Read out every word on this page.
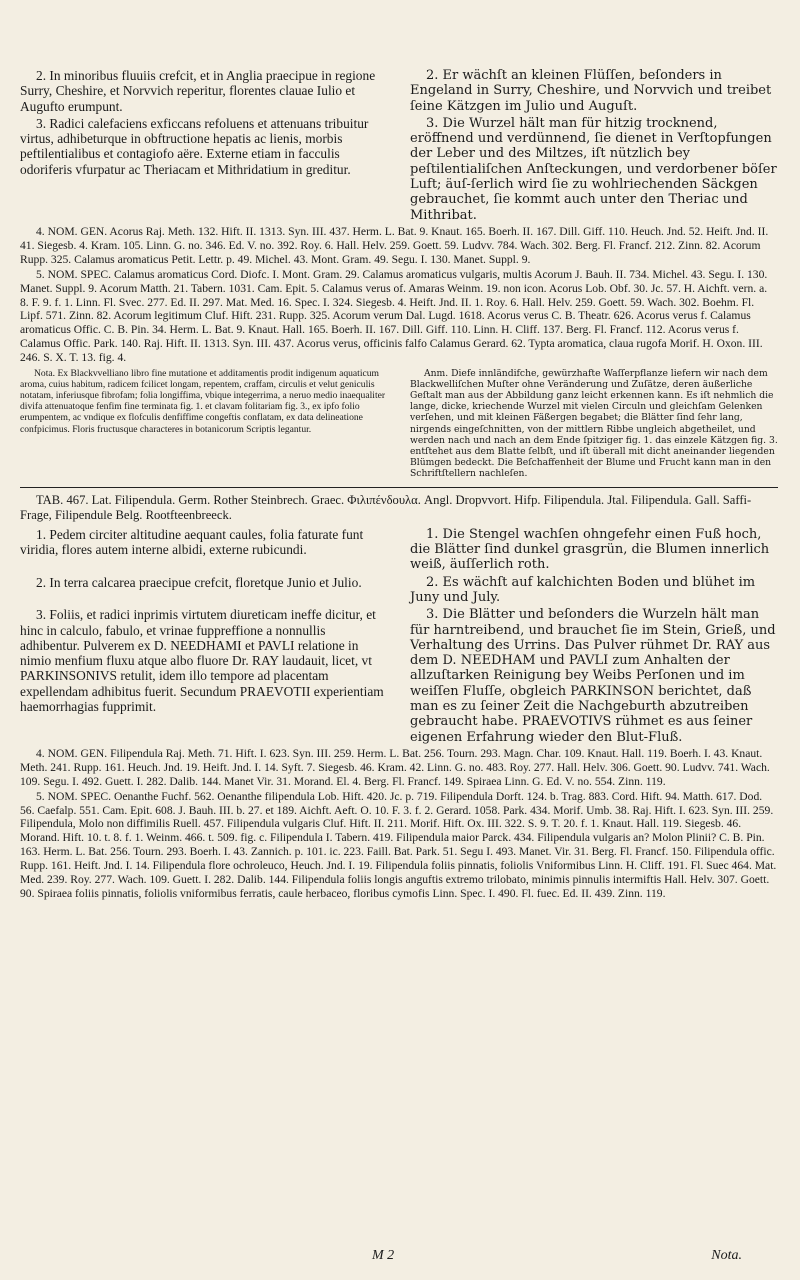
2. In minoribus fluuiis crefcit, et in Anglia praecipue in regione Surry, Cheshire, et Norvvich reperitur, florentes clauae Iulio et Augufto erumpunt.

2. Er wächſt an kleinen Flüſſen, beſonders in Engeland in Surry, Cheshire, und Norvvich und treibet ſeine Kätzgen im Julio und Auguſt.

3. Radici calefaciens exficcans refoluens et attenuans tribuitur virtus, adhibeturque in obftructione hepatis ac lienis, morbis peftilentialibus et contagiofo aëre. Externe etiam in facculis odoriferis vfurpatur ac Theriacam et Mithridatium in greditur.

3. Die Wurzel hält man für hitzig trocknend, eröffnend und verdünnend, ſie dienet in Verſtopfungen der Leber und des Miltzes, iſt nützlich bey peſtilentialiſchen Anſteckungen, und verdorbener böſer Luft; äuſ-ſerlich wird ſie zu wohlriechenden Säckgen gebrauchet, ſie kommt auch unter den Theriac und Mithribat.

4. NOM. GEN. Acorus Raj. Meth. 132. Hift. II. 1313. Syn. III. 437. Herm. L. Bat. 9. Knaut. 165. Boerh. II. 167. Dill. Giff. 110. Heuch. Jnd. 52. Heift. Jnd. II. 41. Siegesb. 4. Kram. 105. Linn. G. no. 346. Ed. V. no. 392. Roy. 6. Hall. Helv. 259. Goett. 59. Ludvv. 784. Wach. 302. Berg. Fl. Francf. 212. Zinn. 82. Acorum Rupp. 325. Calamus aromaticus Petit. Lettr. p. 49. Michel. 43. Mont. Gram. 49. Segu. I. 130. Manet. Suppl. 9.

5. NOM. SPEC. Calamus aromaticus Cord. Diofc. I. Mont. Gram. 29. Calamus aromaticus vulgaris, multis Acorum J. Bauh. II. 734. Michel. 43. Segu. I. 130. Manet. Suppl. 9. Acorum Matth. 21. Tabern. 1031. Cam. Epit. 5. Calamus verus of. Amaras Weinm. 19. non icon. Acorus Lob. Obf. 30. Jc. 57. H. Aichft. vern. a. 8. F. 9. f. 1. Linn. Fl. Svec. 277. Ed. II. 297. Mat. Med. 16. Spec. I. 324. Siegesb. 4. Heift. Jnd. II. 1. Roy. 6. Hall. Helv. 259. Goett. 59. Wach. 302. Boehm. Fl. Lipf. 571. Zinn. 82. Acorum legitimum Cluf. Hift. 231. Rupp. 325. Acorum verum Dal. Lugd. 1618. Acorus verus C. B. Theatr. 626. Acorus verus f. Calamus aromaticus Offic. C. B. Pin. 34. Herm. L. Bat. 9. Knaut. Hall. 165. Boerh. II. 167. Dill. Giff. 110. Linn. H. Cliff. 137. Berg. Fl. Francf. 112. Acorus verus f. Calamus Offic. Park. 140. Raj. Hift. II. 1313. Syn. III. 437. Acorus verus, officinis falfo Calamus Gerard. 62. Typta aromatica, claua rugofa Morif. H. Oxon. III. 246. S. X. T. 13. fig. 4.

Nota. Ex Blackvvelliano libro fine mutatione et additamentis prodit indigenum aquaticum aroma, cuius habitum, radicem fcilicet longam, repentem, craffam, circulis et velut geniculis notatam, inferiusque fibrofam; folia longiffima, vbique integerrima, a neruo medio inaequaliter divifa attenuatoque fenfim fine terminata fig. 1. et clavam folitariam fig. 3., ex ipfo folio erumpentem, ac vndique ex flofculis denfiffime congeftis conflatam, ex data delineatione confpicimus. Floris fructusque characteres in botanicorum Scriptis legantur.

Anm. Diefe innländifche, gewürzhafte Waſſerpflanze liefern wir nach dem Blackwelliſchen Muſter ohne Veränderung und Zuſätze, deren äußerliche Geſtalt man aus der Abbildung ganz leicht erkennen kann. Es iſt nehmlich die lange, dicke, kriechende Wurzel mit vielen Circuln und gleichſam Gelenken verſehen, und mit kleinen Fäßergen begabet; die Blätter ſind ſehr lang, nirgends eingeſchnitten, von der mittlern Ribbe ungleich abgetheilet, und werden nach und nach an dem Ende ſpitziger fig. 1. das einzele Kätzgen fig. 3. entſtehet aus dem Blatte ſelbſt, und iſt überall mit dicht aneinander liegenden Blümgen bedeckt. Die Beſchaffenheit der Blume und Frucht kann man in den Schriftſtellern nachleſen.

TAB. 467. Lat. Filipendula. Germ. Rother Steinbrech. Graec. Φιλιπένδουλα. Angl. Dropvvort. Hifp. Filipendula. Jtal. Filipendula. Gall. Saffi-Frage, Filipendule Belg. Rootfteenbreeck.

1. Pedem circiter altitudine aequant caules, folia faturate funt viridia, flores autem interne albidi, externe rubicundi.

1. Die Stengel wachſen ohngefehr einen Fuß hoch, die Blätter ſind dunkel grasgrün, die Blumen innerlich weiß, äuſſerlich roth.

2. In terra calcarea praecipue crefcit, floretque Junio et Julio.	2. Es wächſt auf kalchichten Boden und blühet im Juny und July.

3. Foliis, et radici inprimis virtutem diureticam ineffe dicitur, et hinc in calculo, fabulo, et vrinae fuppreffione a nonnullis adhibentur. Pulverem ex D. NEEDHAMI et PAVLI relatione in nimio menfium fluxu atque albo fluore Dr. RAY laudauit, licet, vt PARKINSONIVS retulit, idem illo tempore ad placentam expellendam adhibitus fuerit. Secundum PRAEVOTII experientiam haemorrhagias fupprimit.

3. Die Blätter und beſonders die Wurzeln hält man für harntreibend, und brauchet ſie im Stein, Grieß, und Verhaltung des Urrins. Das Pulver rühmet Dr. RAY aus dem D. NEEDHAM und PAVLI zum Anhalten der allzuſtarken Reinigung bey Weibs Perſonen und im weiſſen Fluſſe, obgleich PARKINSON berichtet, daß man es zu ſeiner Zeit die Nachgeburth abzutreiben gebraucht habe. PRAEVOTIVS rühmet es aus ſeiner eigenen Erfahrung wieder den Blut-Fluß.

4. NOM. GEN. Filipendula Raj. Meth. 71. Hift. I. 623. Syn. III. 259. Herm. L. Bat. 256. Tourn. 293. Magn. Char. 109. Knaut. Hall. 119. Boerh. I. 43. Knaut. Meth. 241. Rupp. 161. Heuch. Jnd. 19. Heift. Jnd. I. 14. Syft. 7. Siegesb. 46. Kram. 42. Linn. G. no. 483. Roy. 277. Hall. Helv. 306. Goett. 90. Ludvv. 741. Wach. 109. Segu. I. 492. Guett. I. 282. Dalib. 144. Manet Vir. 31. Morand. El. 4. Berg. Fl. Francf. 149. Spiraea Linn. G. Ed. V. no. 554. Zinn. 119.

5. NOM. SPEC. Oenanthe Fuchf. 562. Oenanthe filipendula Lob. Hift. 420. Jc. p. 719. Filipendula Dorft. 124. b. Trag. 883. Cord. Hift. 94. Matth. 617. Dod. 56. Caefalp. 551. Cam. Epit. 608. J. Bauh. III. b. 27. et 189. Aichft. Aeft. O. 10. F. 3. f. 2. Gerard. 1058. Park. 434. Morif. Umb. 38. Raj. Hift. I. 623. Syn. III. 259. Filipendula, Molo non diffimilis Ruell. 457. Filipendula vulgaris Cluf. Hift. II. 211. Morif. Hift. Ox. III. 322. S. 9. T. 20. f. 1. Knaut. Hall. 119. Siegesb. 46. Morand. Hift. 10. t. 8. f. 1. Weinm. 466. t. 509. fig. c. Filipendula I. Tabern. 419. Filipendula maior Parck. 434. Filipendula vulgaris an? Molon Plinii? C. B. Pin. 163. Herm. L. Bat. 256. Tourn. 293. Boerh. I. 43. Zannich. p. 101. ic. 223. Faill. Bat. Park. 51. Segu I. 493. Manet. Vir. 31. Berg. Fl. Francf. 150. Filipendula offic. Rupp. 161. Heift. Jnd. I. 14. Filipendula flore ochroleuco, Heuch. Jnd. I. 19. Filipendula foliis pinnatis, foliolis Vniformibus Linn. H. Cliff. 191. Fl. Suec 464. Mat. Med. 239. Roy. 277. Wach. 109. Guett. I. 282. Dalib. 144. Filipendula foliis longis anguftis extremo trilobato, minimis pinnulis intermiftis Hall. Helv. 307. Goett. 90. Spiraea foliis pinnatis, foliolis vniformibus ferratis, caule herbaceo, floribus cymofis Linn. Spec. I. 490. Fl. fuec. Ed. II. 439. Zinn. 119.

M 2	Nota.
